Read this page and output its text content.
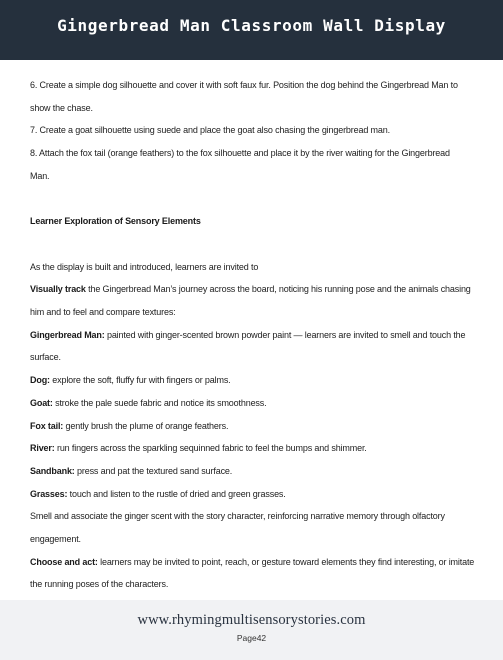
Gingerbread Man Classroom Wall Display

6. Create a simple dog silhouette and cover it with soft faux fur. Position the dog behind the Gingerbread Man to

show the chase.

7. Create a goat silhouette using suede and place the goat also chasing the gingerbread man.

8. Attach the fox tail (orange feathers) to the fox silhouette and place it by the river waiting for the Gingerbread

Man.

Learner Exploration of Sensory Elements

As the display is built and introduced, learners are invited to

Visually track the Gingerbread Man’s journey across the board, noticing his running pose and the animals chasing

him and to feel and compare textures:

Gingerbread Man: painted with ginger-scented brown powder paint — learners are invited to smell and touch the

surface.

Dog: explore the soft, fluffy fur with fingers or palms.

Goat: stroke the pale suede fabric and notice its smoothness.

Fox tail: gently brush the plume of orange feathers.

River: run fingers across the sparkling sequinned fabric to feel the bumps and shimmer.

Sandbank: press and pat the textured sand surface.

Grasses: touch and listen to the rustle of dried and green grasses.

Smell and associate the ginger scent with the story character, reinforcing narrative memory through olfactory

engagement.

Choose and act: learners may be invited to point, reach, or gesture toward elements they find interesting, or imitate

the running poses of the characters.

www.rhymingmultisensorystories.com
Page42
